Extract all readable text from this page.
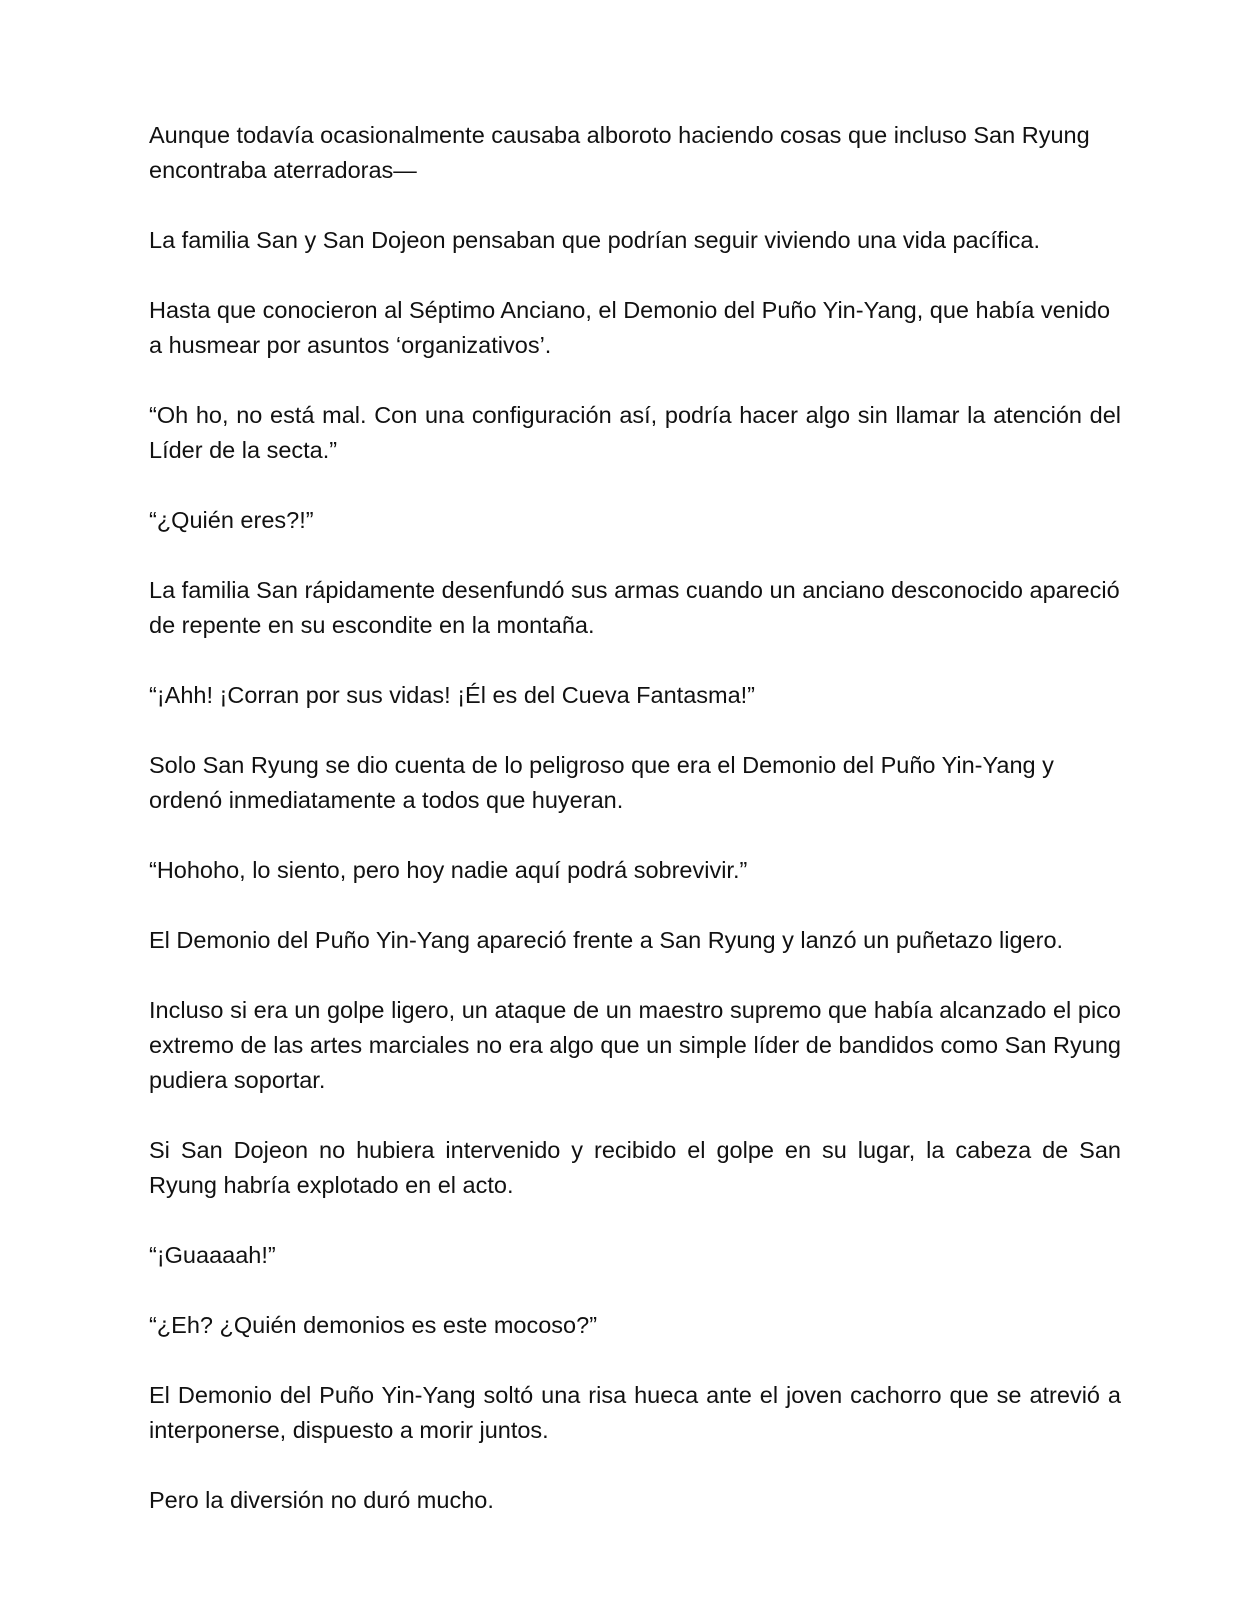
Aunque todavía ocasionalmente causaba alboroto haciendo cosas que incluso San Ryung encontraba aterradoras—

La familia San y San Dojeon pensaban que podrían seguir viviendo una vida pacífica.

Hasta que conocieron al Séptimo Anciano, el Demonio del Puño Yin-Yang, que había venido a husmear por asuntos ‘organizativos’.

“Oh ho, no está mal. Con una configuración así, podría hacer algo sin llamar la atención del Líder de la secta.”

“¿Quién eres?!”

La familia San rápidamente desenfundó sus armas cuando un anciano desconocido apareció de repente en su escondite en la montaña.

“¡Ahh! ¡Corran por sus vidas! ¡Él es del Cueva Fantasma!”

Solo San Ryung se dio cuenta de lo peligroso que era el Demonio del Puño Yin-Yang y ordenó inmediatamente a todos que huyeran.

“Hohoho, lo siento, pero hoy nadie aquí podrá sobrevivir.”

El Demonio del Puño Yin-Yang apareció frente a San Ryung y lanzó un puñetazo ligero.

Incluso si era un golpe ligero, un ataque de un maestro supremo que había alcanzado el pico extremo de las artes marciales no era algo que un simple líder de bandidos como San Ryung pudiera soportar.

Si San Dojeon no hubiera intervenido y recibido el golpe en su lugar, la cabeza de San Ryung habría explotado en el acto.

“¡Guaaaah!”

“¿Eh? ¿Quién demonios es este mocoso?”

El Demonio del Puño Yin-Yang soltó una risa hueca ante el joven cachorro que se atrevió a interponerse, dispuesto a morir juntos.

Pero la diversión no duró mucho.
